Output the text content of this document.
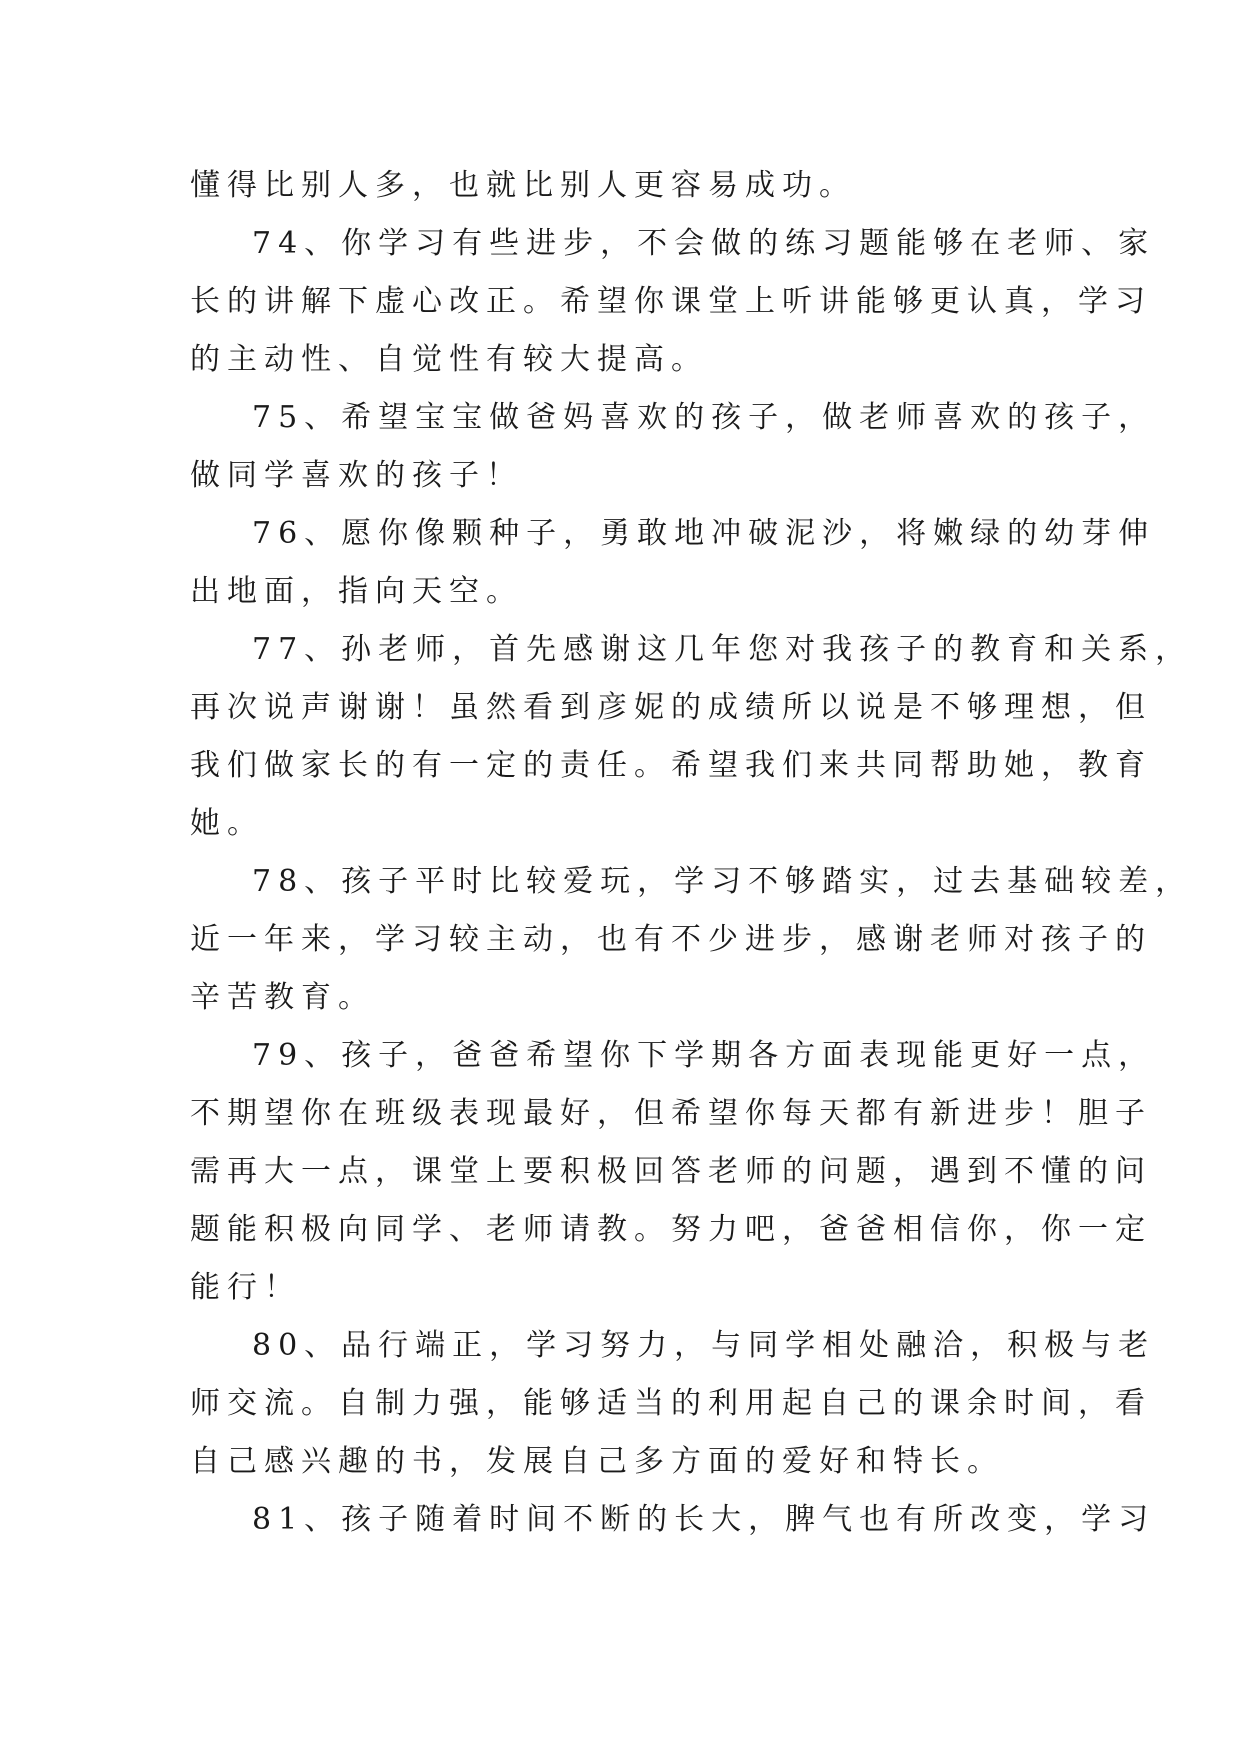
懂得比别人多，也就比别人更容易成功。
74、你学习有些进步，不会做的练习题能够在老师、家
长的讲解下虚心改正。希望你课堂上听讲能够更认真，学习
的主动性、自觉性有较大提高。
75、希望宝宝做爸妈喜欢的孩子，做老师喜欢的孩子，
做同学喜欢的孩子！
76、愿你像颗种子，勇敢地冲破泥沙，将嫩绿的幼芽伸
出地面，指向天空。
77、孙老师，首先感谢这几年您对我孩子的教育和关系，
再次说声谢谢！虽然看到彦妮的成绩所以说是不够理想，但
我们做家长的有一定的责任。希望我们来共同帮助她，教育
她。
78、孩子平时比较爱玩，学习不够踏实，过去基础较差，
近一年来，学习较主动，也有不少进步，感谢老师对孩子的
辛苦教育。
79、孩子，爸爸希望你下学期各方面表现能更好一点，
不期望你在班级表现最好，但希望你每天都有新进步！胆子
需再大一点，课堂上要积极回答老师的问题，遇到不懂的问
题能积极向同学、老师请教。努力吧，爸爸相信你，你一定
能行！
80、品行端正，学习努力，与同学相处融洽，积极与老
师交流。自制力强，能够适当的利用起自己的课余时间，看
自己感兴趣的书，发展自己多方面的爱好和特长。
81、孩子随着时间不断的长大，脾气也有所改变，学习
